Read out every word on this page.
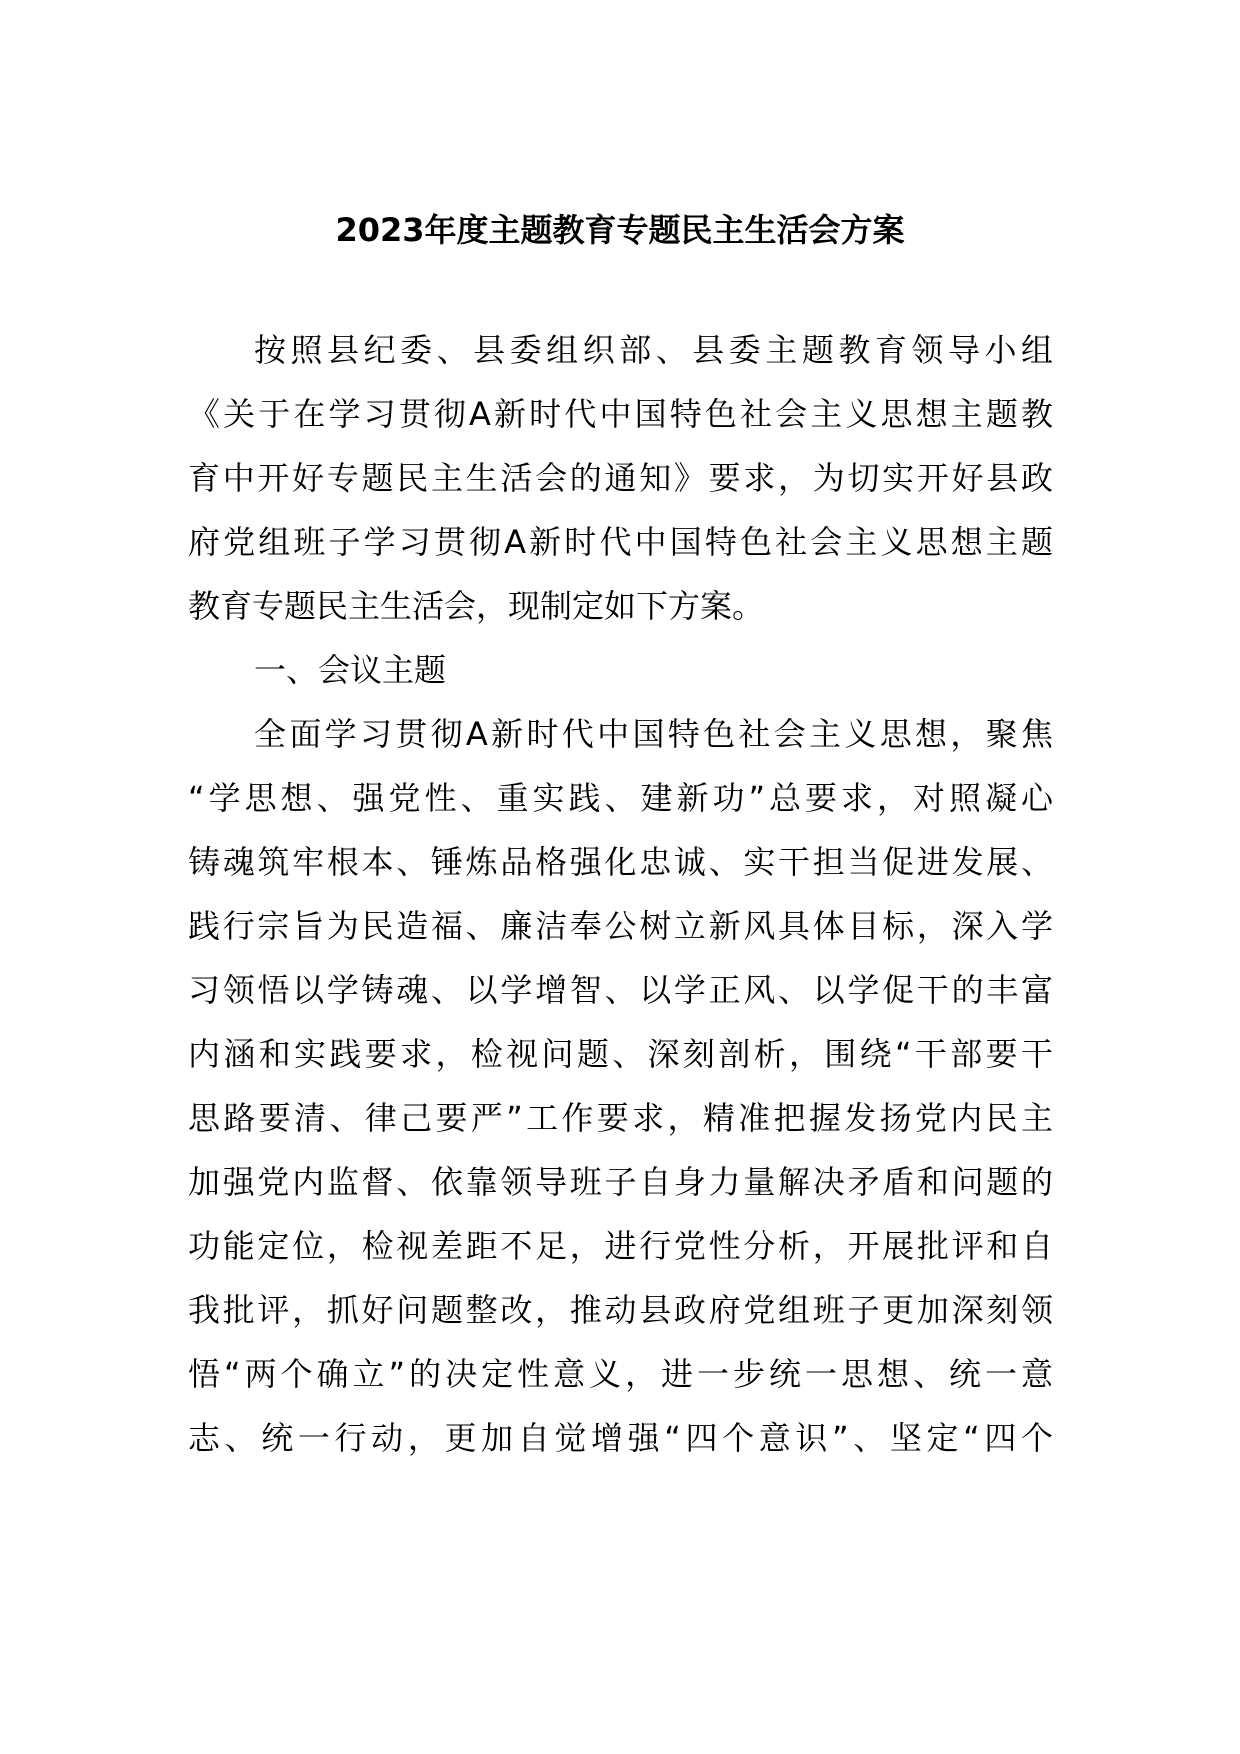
2023年度主题教育专题民主生活会方案
按照县纪委、县委组织部、县委主题教育领导小组
《关于在学习贯彻A新时代中国特色社会主义思想主题教
育中开好专题民主生活会的通知》要求，为切实开好县政
府党组班子学习贯彻A新时代中国特色社会主义思想主题
教育专题民主生活会，现制定如下方案。
一、会议主题
全面学习贯彻A新时代中国特色社会主义思想，聚焦
“学思想、强党性、重实践、建新功”总要求，对照凝心
铸魂筑牢根本、锤炼品格强化忠诚、实干担当促进发展、
践行宗旨为民造福、廉洁奉公树立新风具体目标，深入学
习领悟以学铸魂、以学增智、以学正风、以学促干的丰富
内涵和实践要求，检视问题、深刻剖析，围绕“干部要干
思路要清、律己要严”工作要求，精准把握发扬党内民主
加强党内监督、依靠领导班子自身力量解决矛盾和问题的
功能定位，检视差距不足，进行党性分析，开展批评和自
我批评，抓好问题整改，推动县政府党组班子更加深刻领
悟“两个确立”的决定性意义，进一步统一思想、统一意
志、统一行动，更加自觉增强“四个意识”、坚定“四个
